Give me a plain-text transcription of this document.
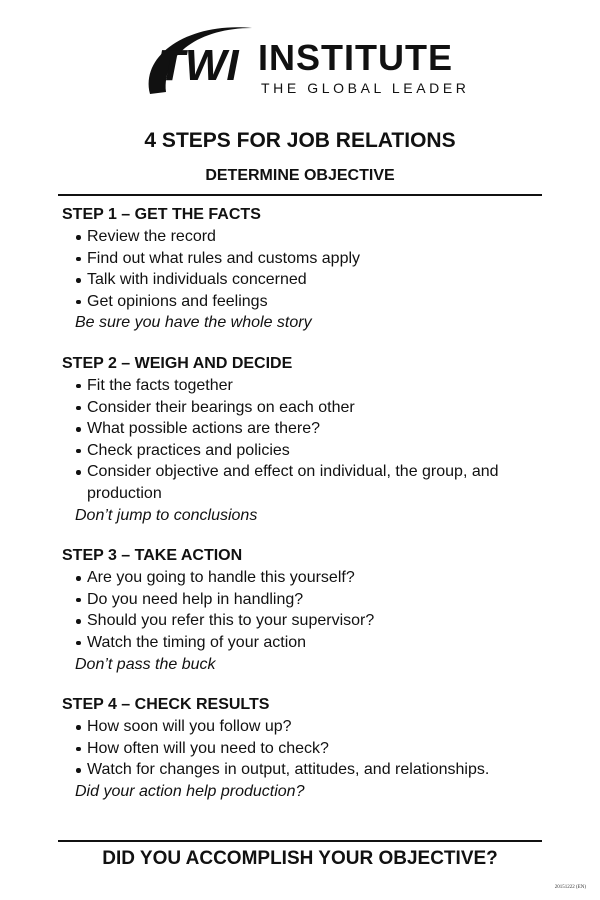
TWI INSTITUTE
THE GLOBAL LEADER
4 STEPS FOR JOB RELATIONS
DETERMINE OBJECTIVE
STEP 1 – GET THE FACTS
Review the record
Find out what rules and customs apply
Talk with individuals concerned
Get opinions and feelings
Be sure you have the whole story
STEP 2 – WEIGH AND DECIDE
Fit the facts together
Consider their bearings on each other
What possible actions are there?
Check practices and policies
Consider objective and effect on individual, the group, and production
Don’t jump to conclusions
STEP 3 – TAKE ACTION
Are you going to handle this yourself?
Do you need help in handling?
Should you refer this to your supervisor?
Watch the timing of your action
Don’t pass the buck
STEP 4 – CHECK RESULTS
How soon will you follow up?
How often will you need to check?
Watch for changes in output, attitudes, and relationships.
Did your action help production?
DID YOU ACCOMPLISH YOUR OBJECTIVE?
20151222 (EN)
